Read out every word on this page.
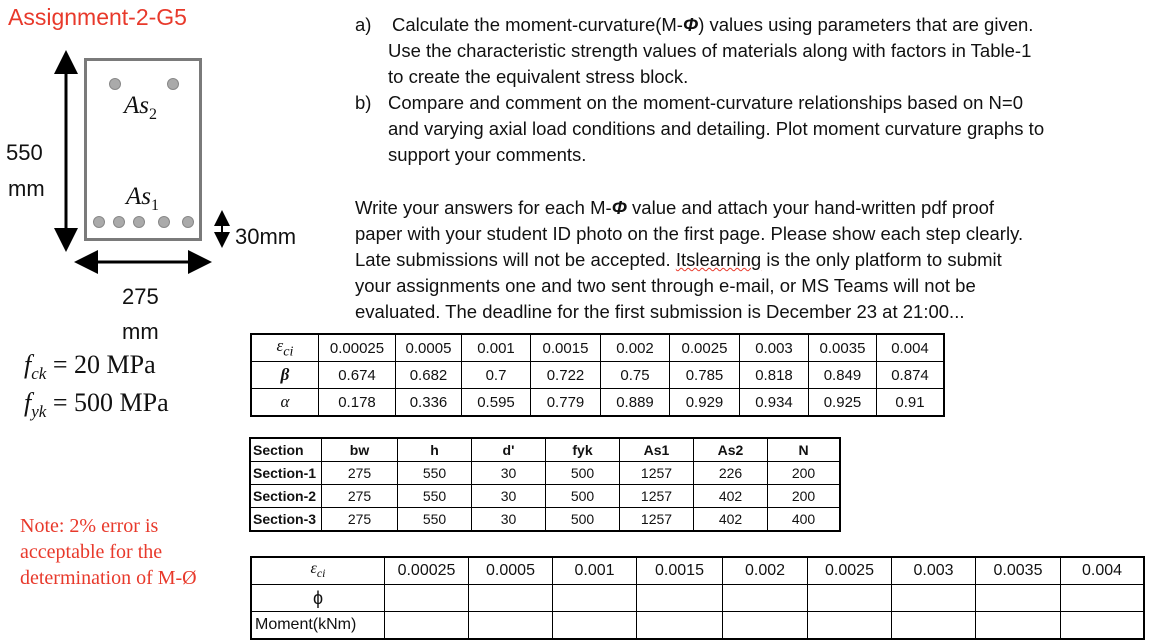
Assignment-2-G5
$As_2$
$As_1$
550
mm
30mm
275
mm
$f_{ck} = 20$ MPa
$f_{yk} = 500$ MPa
Note: 2% error is acceptable for the determination of M-Ø
a) Calculate the moment-curvature(M-Φ) values using parameters that are given.
Use the characteristic strength values of materials along with factors in Table-1
to create the equivalent stress block.
b) Compare and comment on the moment-curvature relationships based on N=0
and varying axial load conditions and detailing. Plot moment curvature graphs to
support your comments.
Write your answers for each M-Φ value and attach your hand-written pdf proof
paper with your student ID photo on the first page. Please show each step clearly.
Late submissions will not be accepted. Itslearning is the only platform to submit
your assignments one and two sent through e-mail, or MS Teams will not be
evaluated. The deadline for the first submission is December 23 at 21:00...
$\varepsilon_{ci}$	0.00025	0.0005	0.001	0.0015	0.002	0.0025	0.003	0.0035	0.004
β	0.674	0.682	0.7	0.722	0.75	0.785	0.818	0.849	0.874
α	0.178	0.336	0.595	0.779	0.889	0.929	0.934	0.925	0.91
Section	bw	h	d'	fyk	As1	As2	N
Section-1	275	550	30	500	1257	226	200
Section-2	275	550	30	500	1257	402	200
Section-3	275	550	30	500	1257	402	400
$\varepsilon_{ci}$	0.00025	0.0005	0.001	0.0015	0.002	0.0025	0.003	0.0035	0.004
ϕ									
Moment(kNm)									
